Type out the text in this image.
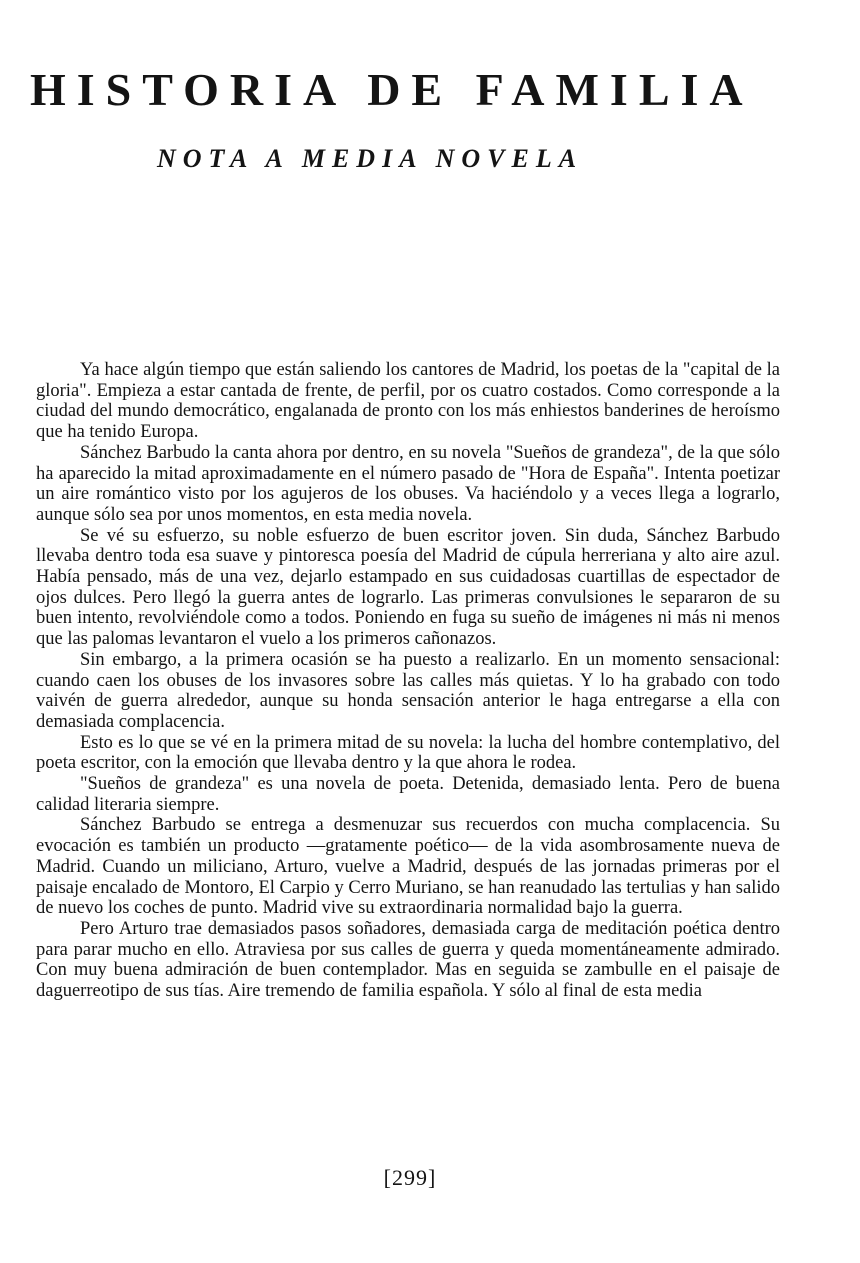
HISTORIA DE FAMILIA
NOTA A MEDIA NOVELA

Ya hace algún tiempo que están saliendo los cantores de Madrid, los poetas de la "capital de la gloria". Empieza a estar cantada de frente, de perfil, por os cuatro costados. Como corresponde a la ciudad del mundo democrático, engalanada de pronto con los más enhiestos banderines de heroísmo que ha tenido Europa.

Sánchez Barbudo la canta ahora por dentro, en su novela "Sueños de grandeza", de la que sólo ha aparecido la mitad aproximadamente en el número pasado de "Hora de España". Intenta poetizar un aire romántico visto por los agujeros de los obuses. Va haciéndolo y a veces llega a lograrlo, aunque sólo sea por unos momentos, en esta media novela.

Se vé su esfuerzo, su noble esfuerzo de buen escritor joven. Sin duda, Sánchez Barbudo llevaba dentro toda esa suave y pintoresca poesía del Madrid de cúpula herreriana y alto aire azul. Había pensado, más de una vez, dejarlo estampado en sus cuidadosas cuartillas de espectador de ojos dulces. Pero llegó la guerra antes de lograrlo. Las primeras convulsiones le separaron de su buen intento, revolviéndole como a todos. Poniendo en fuga su sueño de imágenes ni más ni menos que las palomas levantaron el vuelo a los primeros cañonazos.

Sin embargo, a la primera ocasión se ha puesto a realizarlo. En un momento sensacional: cuando caen los obuses de los invasores sobre las calles más quietas. Y lo ha grabado con todo vaivén de guerra alrededor, aunque su honda sensación anterior le haga entregarse a ella con demasiada complacencia.

Esto es lo que se vé en la primera mitad de su novela: la lucha del hombre contemplativo, del poeta escritor, con la emoción que llevaba dentro y la que ahora le rodea.

"Sueños de grandeza" es una novela de poeta. Detenida, demasiado lenta. Pero de buena calidad literaria siempre.

Sánchez Barbudo se entrega a desmenuzar sus recuerdos con mucha complacencia. Su evocación es también un producto —gratamente poético— de la vida asombrosamente nueva de Madrid. Cuando un miliciano, Arturo, vuelve a Madrid, después de las jornadas primeras por el paisaje encalado de Montoro, El Carpio y Cerro Muriano, se han reanudado las tertulias y han salido de nuevo los coches de punto. Madrid vive su extraordinaria normalidad bajo la guerra.

Pero Arturo trae demasiados pasos soñadores, demasiada carga de meditación poética dentro para parar mucho en ello. Atraviesa por sus calles de guerra y queda momentáneamente admirado. Con muy buena admiración de buen contemplador. Mas en seguida se zambulle en el paisaje de daguerreotipo de sus tías. Aire tremendo de familia española. Y sólo al final de esta media

[299]
